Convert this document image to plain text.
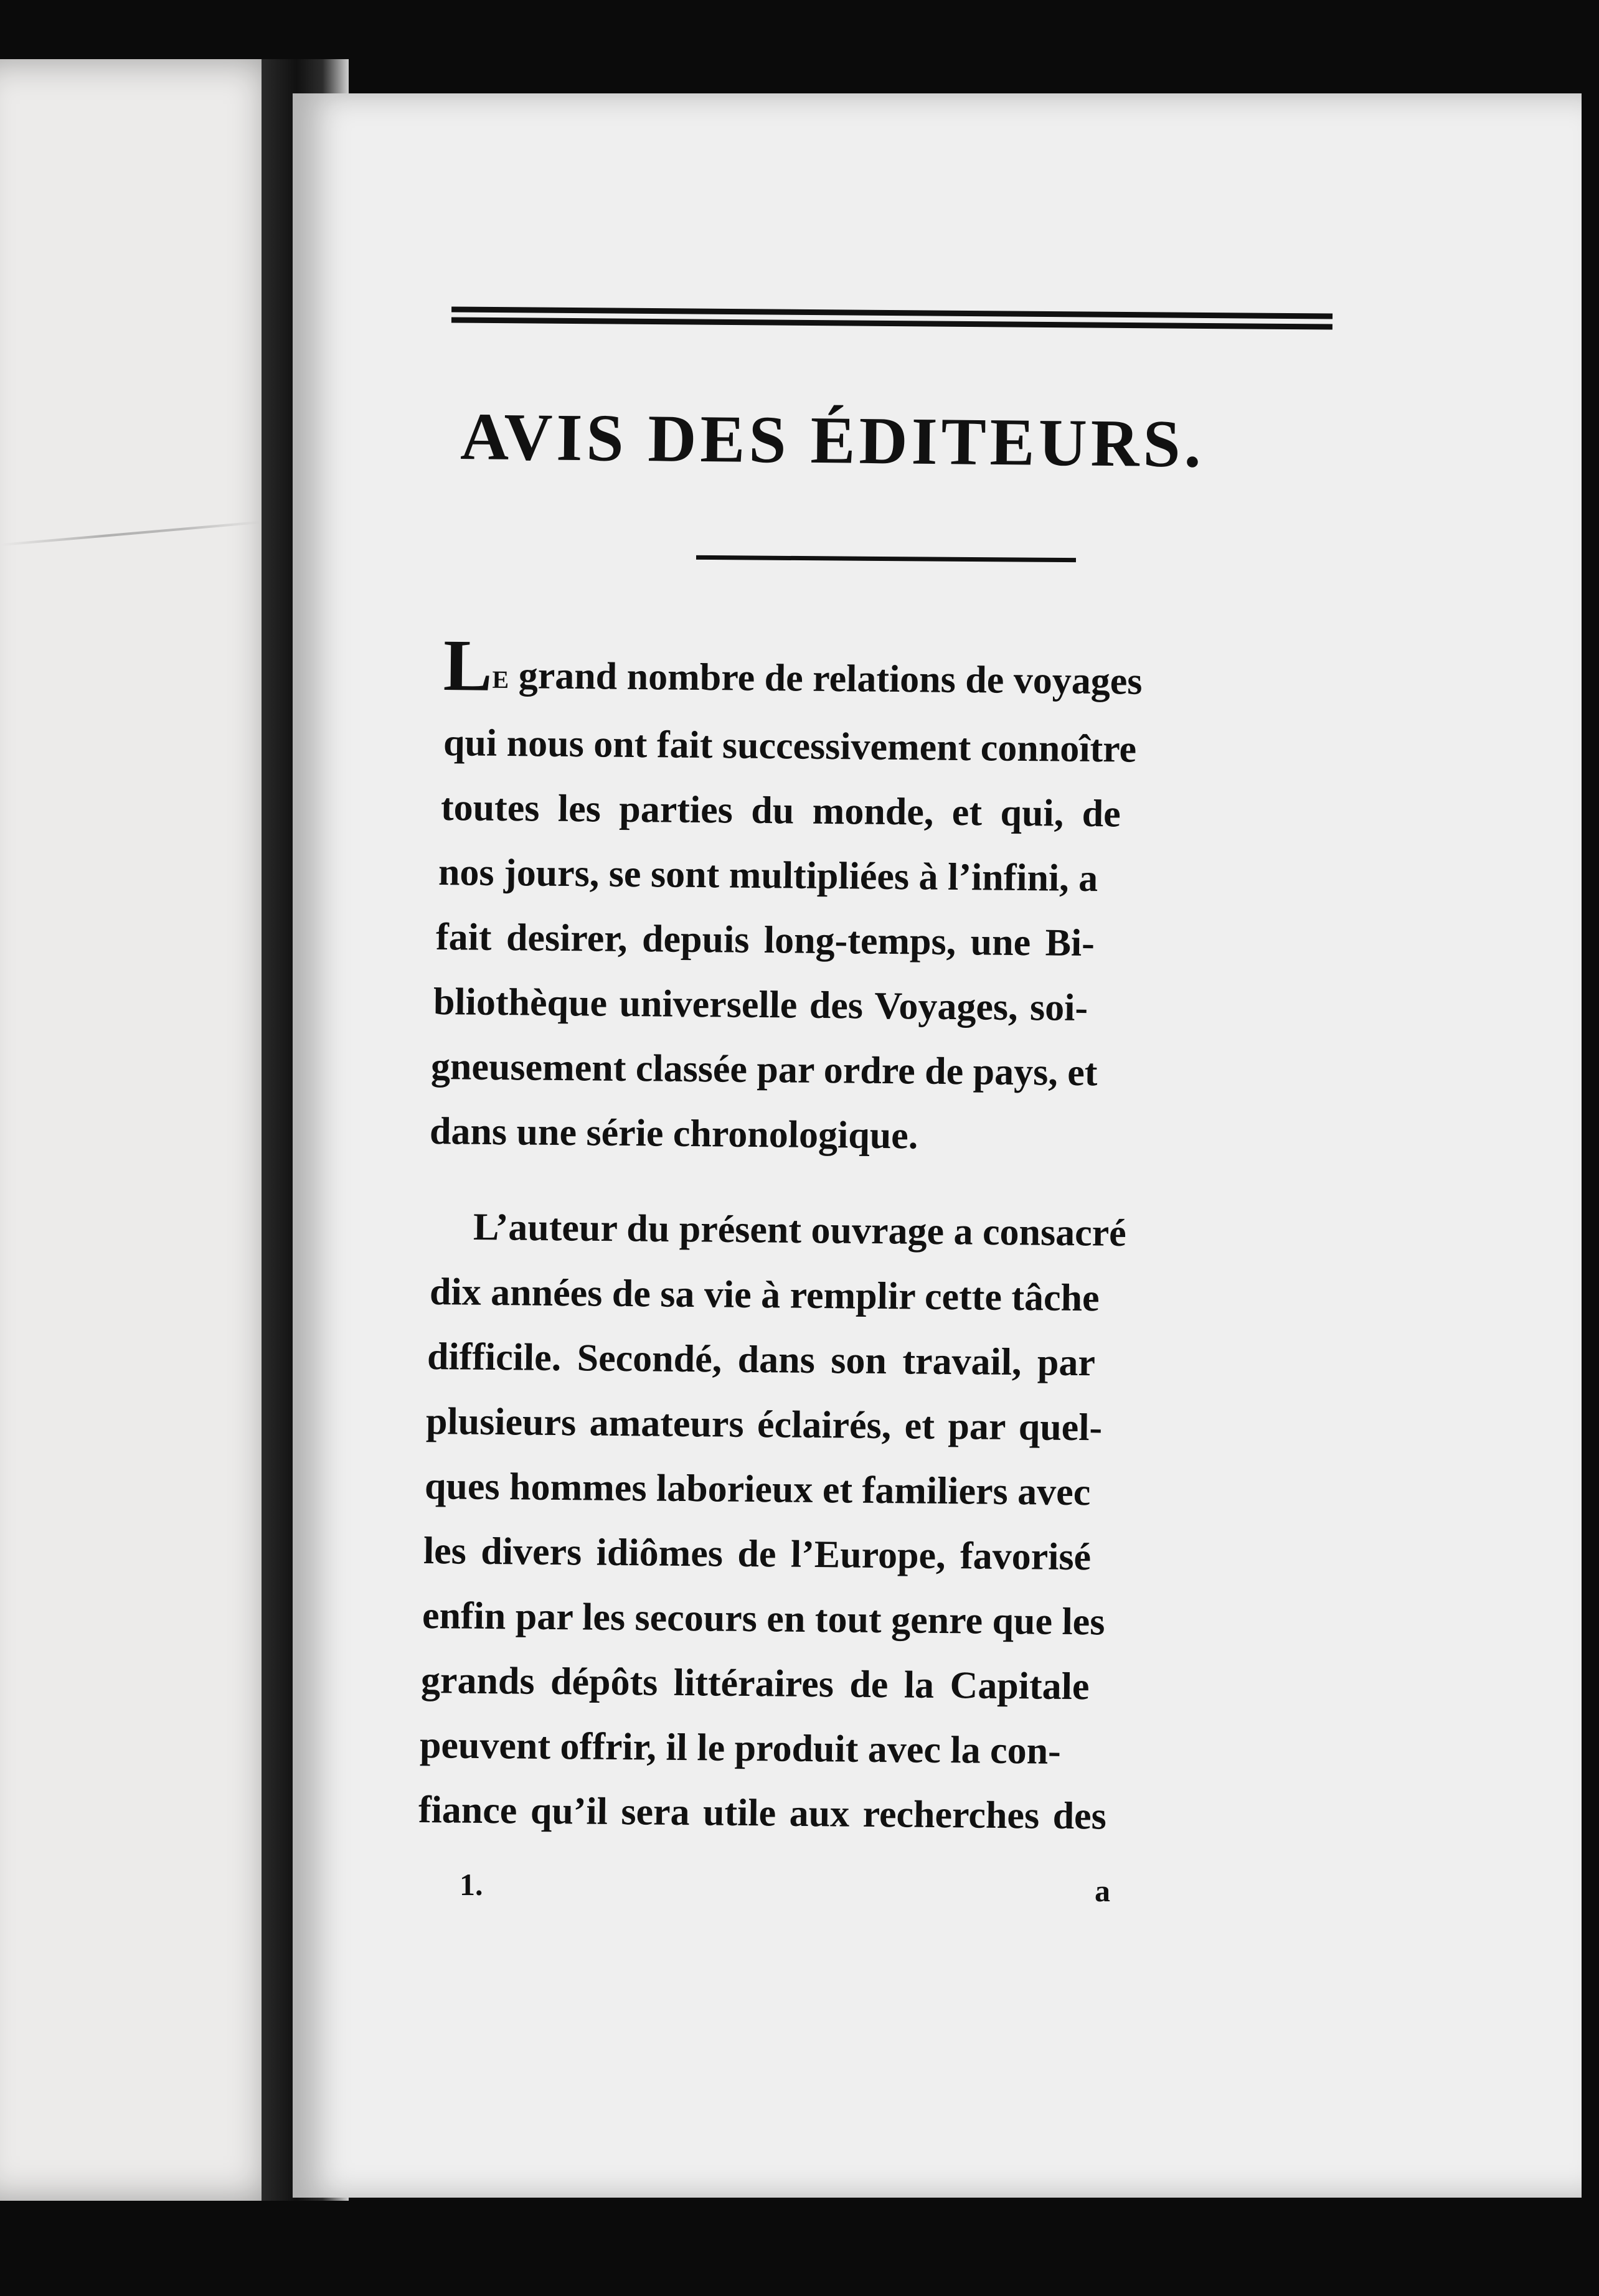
AVIS DES ÉDITEURS.
LE grand nombre de relations de voyages
qui nous ont fait successivement connoître
toutes les parties du monde, et qui, de
nos jours, se sont multipliées à l’infini, a
fait desirer, depuis long-temps, une Bi-
bliothèque universelle des Voyages, soi-
gneusement classée par ordre de pays, et
dans une série chronologique.
L’auteur du présent ouvrage a consacré
dix années de sa vie à remplir cette tâche
difficile. Secondé, dans son travail, par
plusieurs amateurs éclairés, et par quel-
ques hommes laborieux et familiers avec
les divers idiômes de l’Europe, favorisé
enfin par les secours en tout genre que les
grands dépôts littéraires de la Capitale
peuvent offrir, il le produit avec la con-
fiance qu’il sera utile aux recherches des
1.	a
